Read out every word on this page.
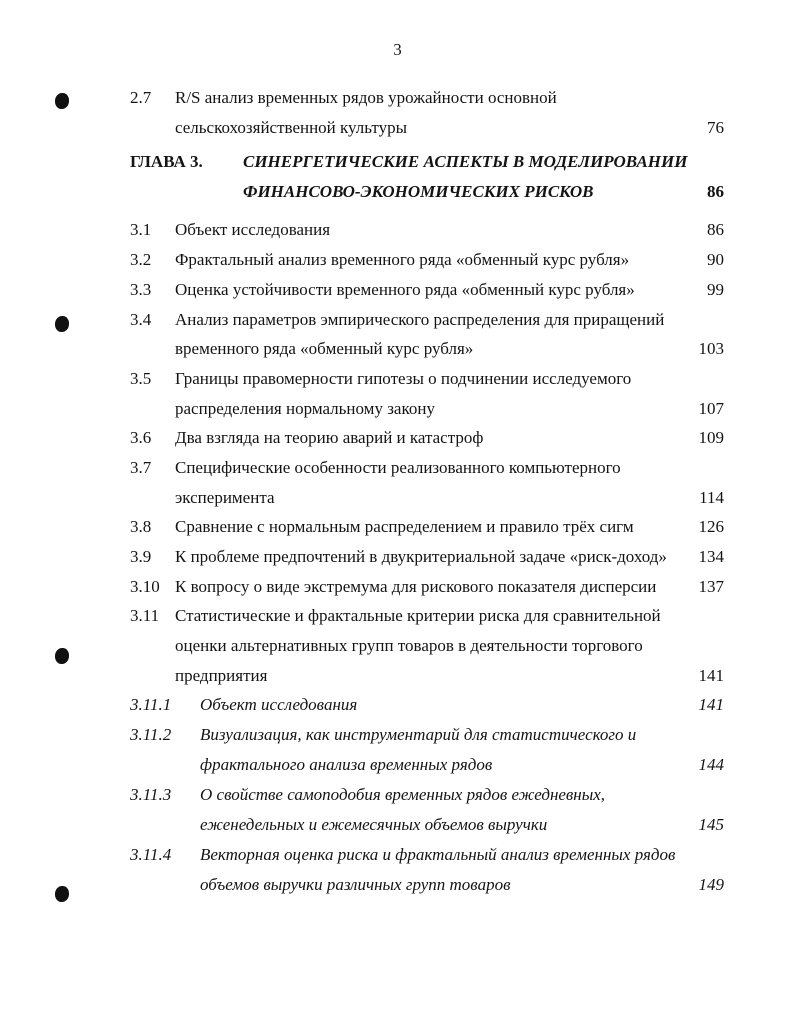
3
2.7 R/S анализ временных рядов урожайности основной
сельскохозяйственной культуры	76
ГЛАВА 3. СИНЕРГЕТИЧЕСКИЕ АСПЕКТЫ В МОДЕЛИРОВАНИИ
ФИНАНСОВО-ЭКОНОМИЧЕСКИХ РИСКОВ	86
3.1 Объект исследования	86
3.2 Фрактальный анализ временного ряда «обменный курс рубля»	90
3.3 Оценка устойчивости временного ряда «обменный курс рубля»	99
3.4 Анализ параметров эмпирического распределения для приращений
временного ряда «обменный курс рубля»	103
3.5 Границы правомерности гипотезы о подчинении исследуемого
распределения нормальному закону	107
3.6 Два взгляда на теорию аварий и катастроф	109
3.7 Специфические особенности реализованного компьютерного
эксперимента	114
3.8 Сравнение с нормальным распределением и правило трёх сигм	126
3.9 К проблеме предпочтений в двукритериальной задаче «риск-доход» 134
3.10 К вопросу о виде экстремума для рискового показателя дисперсии 137
3.11 Статистические и фрактальные критерии риска для сравнительной
оценки альтернативных групп товаров в деятельности торгового
предприятия	141
3.11.1 Объект исследования	141
3.11.2 Визуализация, как инструментарий для статистического и
фрактального анализа временных рядов	144
3.11.3 О свойстве самоподобия временных рядов ежедневных,
еженедельных и ежемесячных объемов выручки	145
3.11.4 Векторная оценка риска и фрактальный анализ временных рядов
объемов выручки различных групп товаров	149
